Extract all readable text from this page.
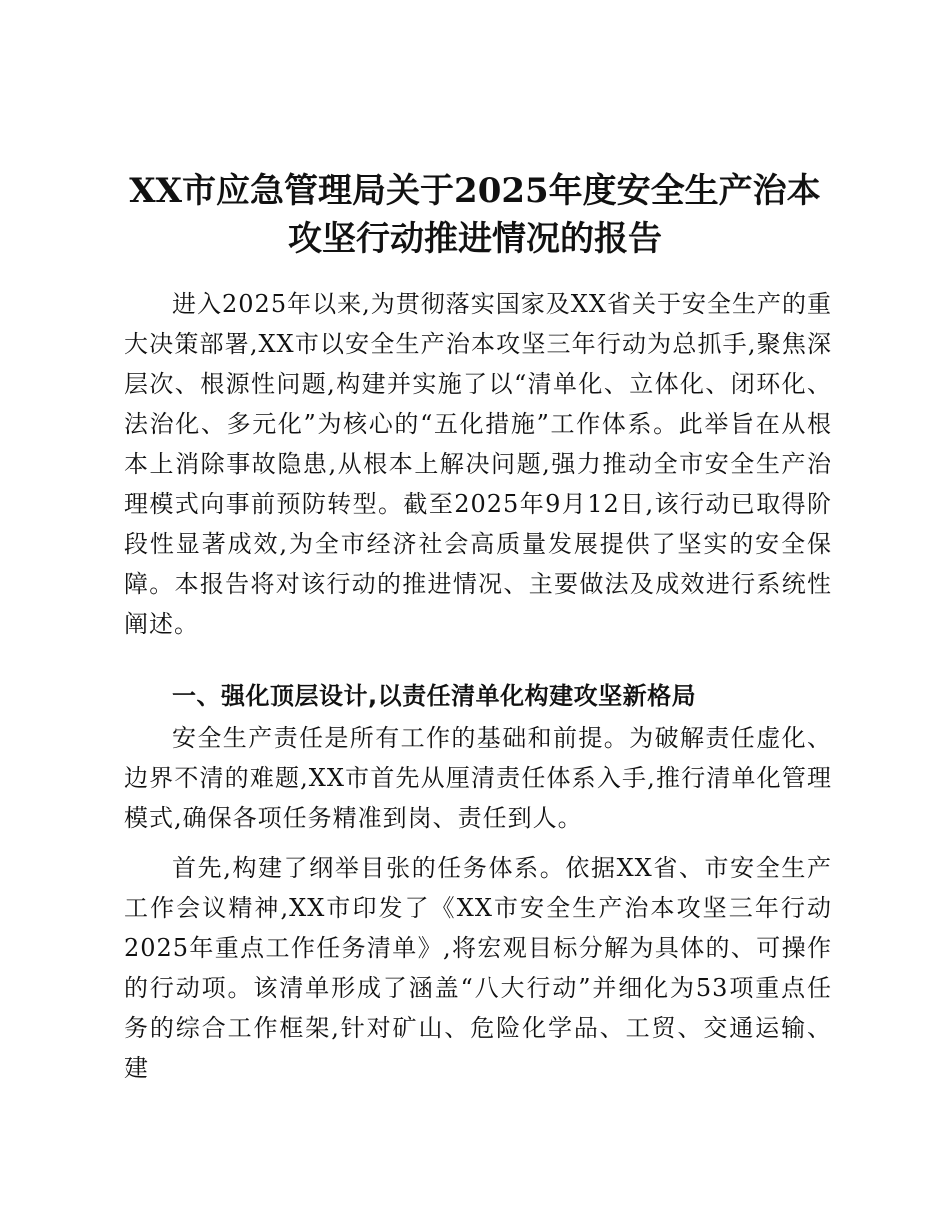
XX市应急管理局关于2025年度安全生产治本
攻坚行动推进情况的报告

进入2025年以来,为贯彻落实国家及XX省关于安全生产的重大决策部署,XX市以安全生产治本攻坚三年行动为总抓手,聚焦深层次、根源性问题,构建并实施了以“清单化、立体化、闭环化、法治化、多元化”为核心的“五化措施”工作体系。此举旨在从根本上消除事故隐患,从根本上解决问题,强力推动全市安全生产治理模式向事前预防转型。截至2025年9月12日,该行动已取得阶段性显著成效,为全市经济社会高质量发展提供了坚实的安全保障。本报告将对该行动的推进情况、主要做法及成效进行系统性阐述。

一、强化顶层设计,以责任清单化构建攻坚新格局

安全生产责任是所有工作的基础和前提。为破解责任虚化、边界不清的难题,XX市首先从厘清责任体系入手,推行清单化管理模式,确保各项任务精准到岗、责任到人。

首先,构建了纲举目张的任务体系。依据XX省、市安全生产工作会议精神,XX市印发了《XX市安全生产治本攻坚三年行动2025年重点工作任务清单》,将宏观目标分解为具体的、可操作的行动项。该清单形成了涵盖“八大行动”并细化为53项重点任务的综合工作框架,针对矿山、危险化学品、工贸、交通运输、建
